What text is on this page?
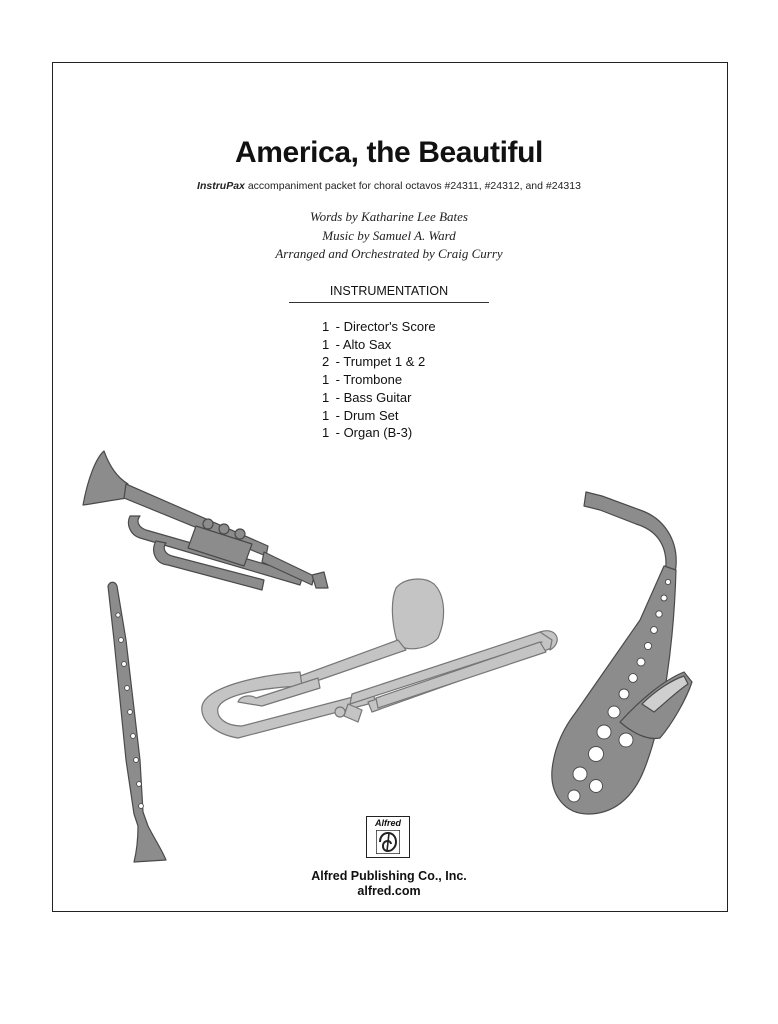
America, the Beautiful
InstruPax accompaniment packet for choral octavos #24311, #24312, and #24313
Words by Katharine Lee Bates
Music by Samuel A. Ward
Arranged and Orchestrated by Craig Curry
INSTRUMENTATION
1 - Director's Score
1 - Alto Sax
2 - Trumpet 1 & 2
1 - Trombone
1 - Bass Guitar
1 - Drum Set
1 - Organ (B-3)
Alfred
Alfred Publishing Co., Inc.
alfred.com
